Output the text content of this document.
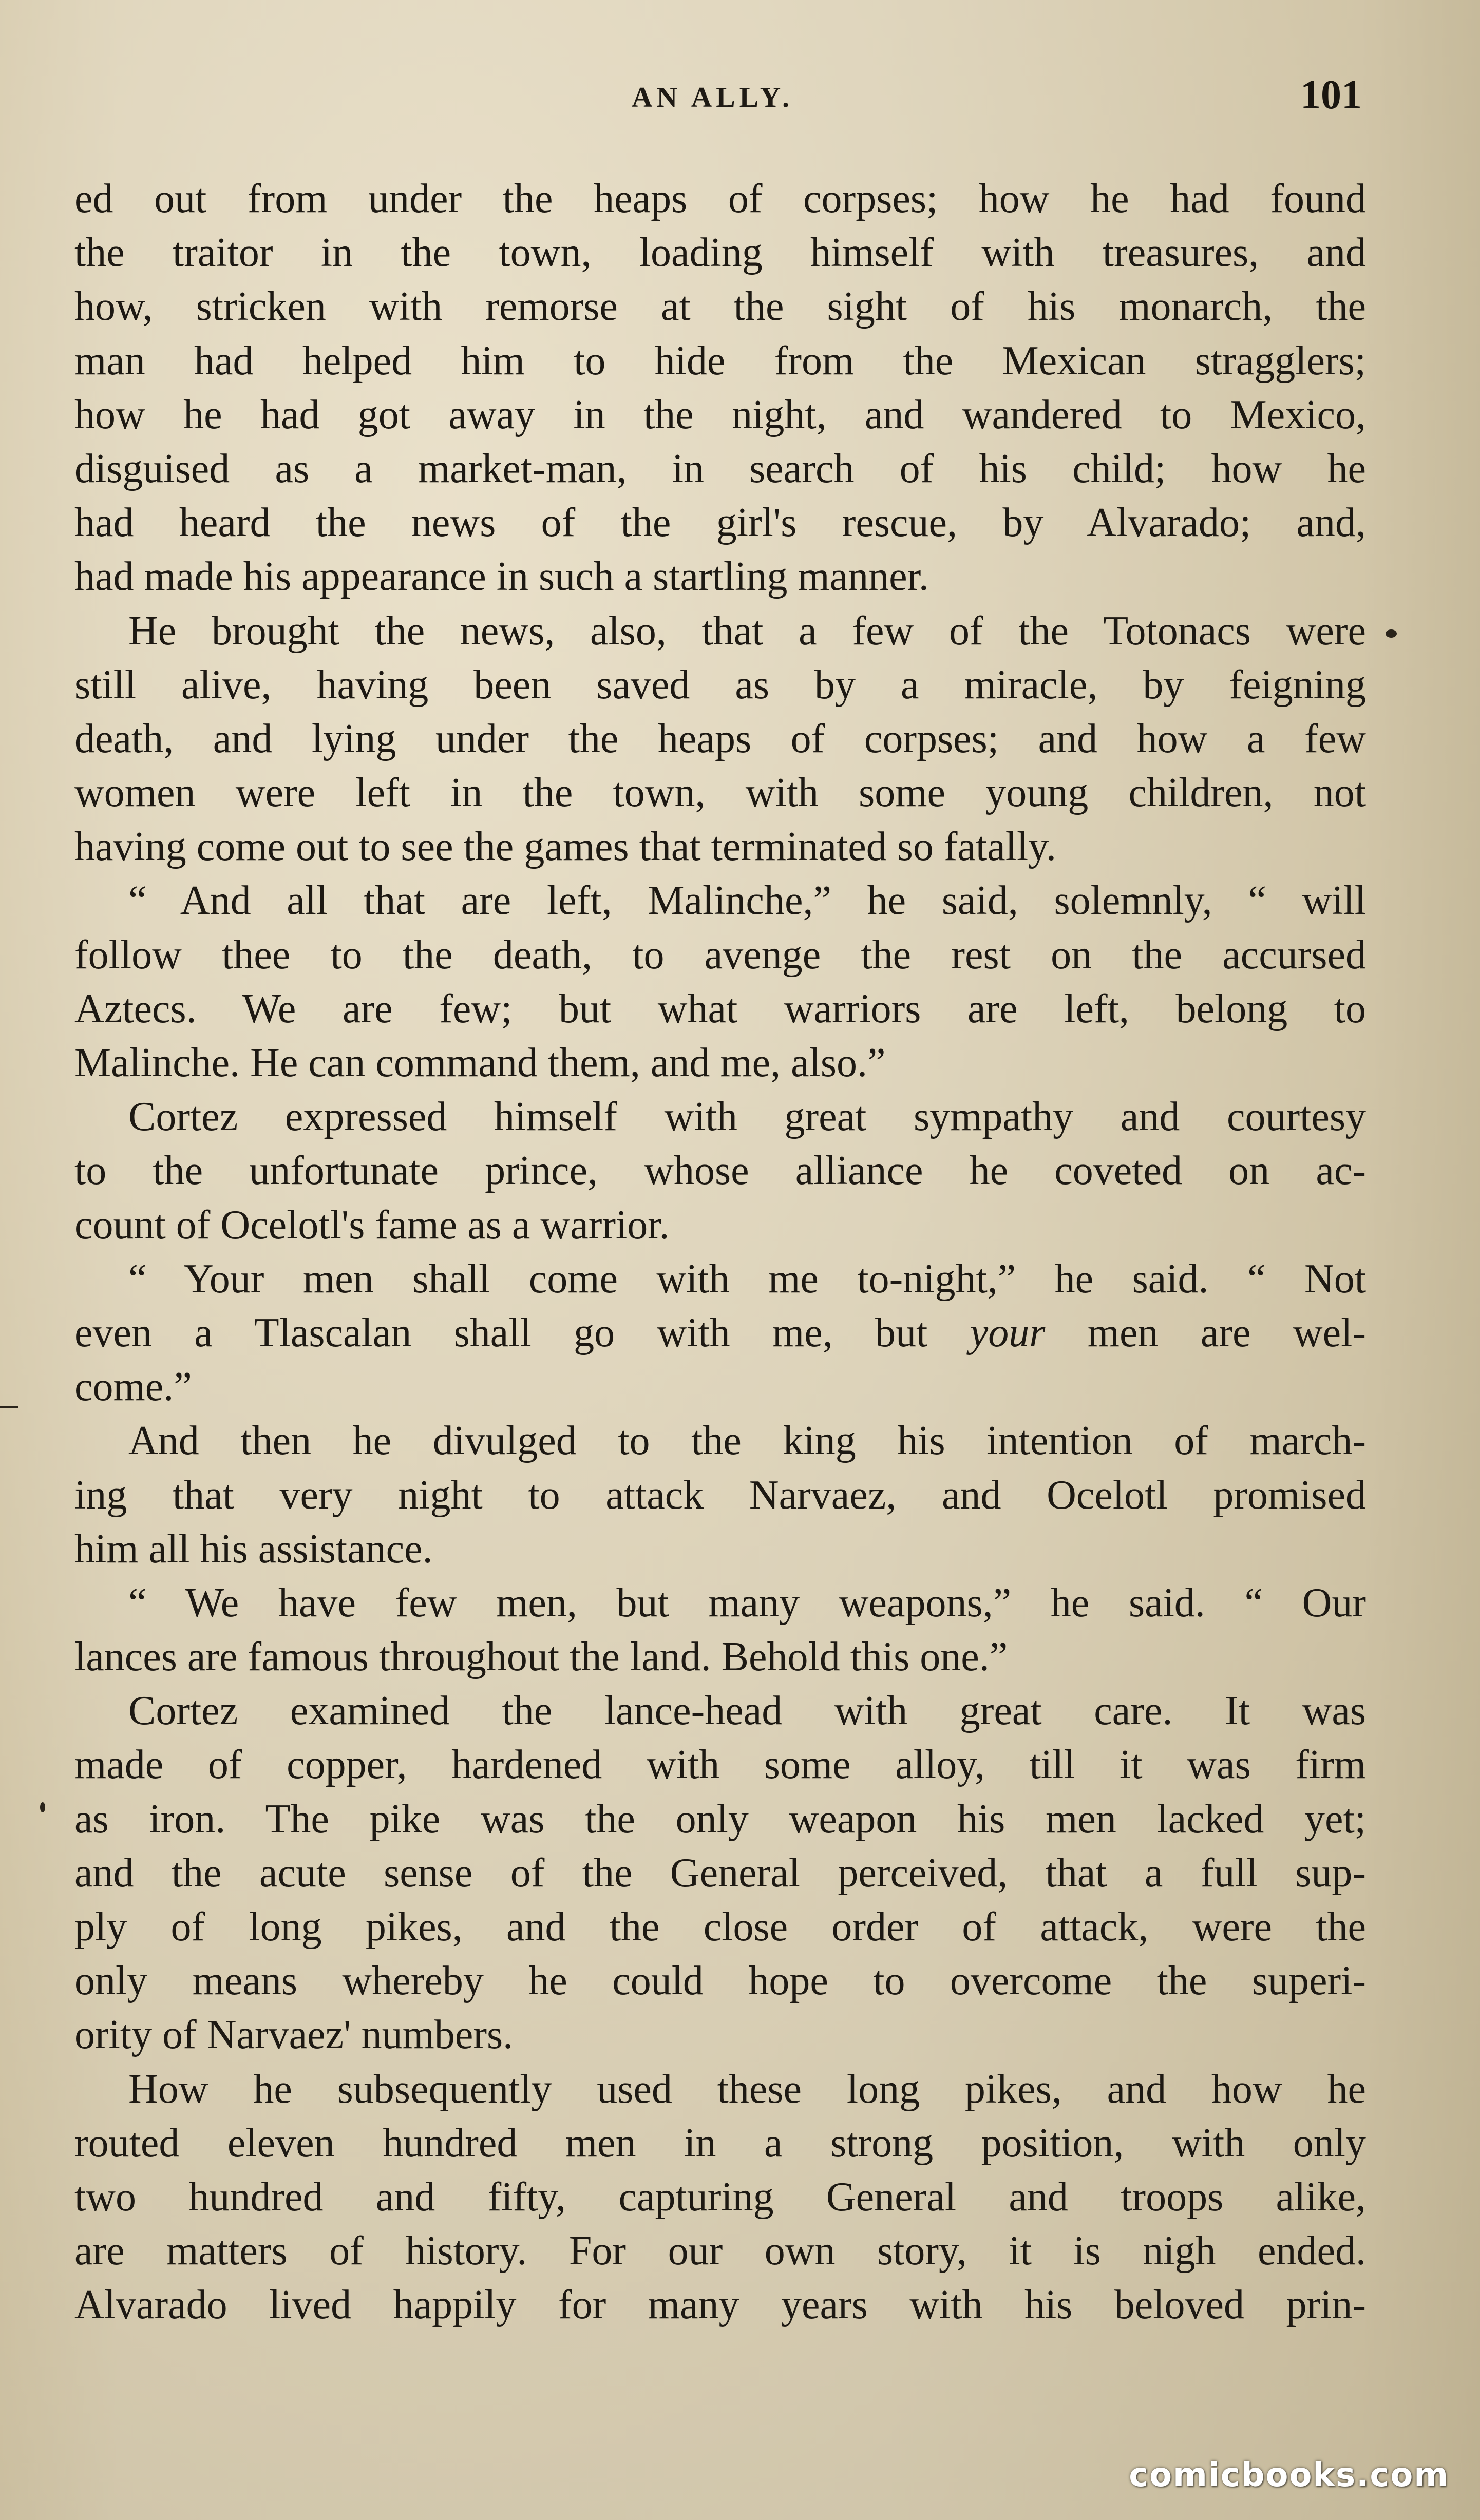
AN ALLY.	101
ed out from under the heaps of corpses; how he had found
the traitor in the town, loading himself with treasures, and
how, stricken with remorse at the sight of his monarch, the
man had helped him to hide from the Mexican stragglers;
how he had got away in the night, and wandered to Mexico,
disguised as a market-man, in search of his child; how he
had heard the news of the girl's rescue, by Alvarado; and,
had made his appearance in such a startling manner.
He brought the news, also, that a few of the Totonacs were
still alive, having been saved as by a miracle, by feigning
death, and lying under the heaps of corpses; and how a few
women were left in the town, with some young children, not
having come out to see the games that terminated so fatally.
“ And all that are left, Malinche,” he said, solemnly, “ will
follow thee to the death, to avenge the rest on the accursed
Aztecs. We are few; but what warriors are left, belong to
Malinche. He can command them, and me, also.”
Cortez expressed himself with great sympathy and courtesy
to the unfortunate prince, whose alliance he coveted on ac-
count of Ocelotl's fame as a warrior.
“ Your men shall come with me to-night,” he said. “ Not
even a Tlascalan shall go with me, but your men are wel-
come.”
And then he divulged to the king his intention of march-
ing that very night to attack Narvaez, and Ocelotl promised
him all his assistance.
“ We have few men, but many weapons,” he said. “ Our
lances are famous throughout the land. Behold this one.”
Cortez examined the lance-head with great care. It was
made of copper, hardened with some alloy, till it was firm
as iron. The pike was the only weapon his men lacked yet;
and the acute sense of the General perceived, that a full sup-
ply of long pikes, and the close order of attack, were the
only means whereby he could hope to overcome the superi-
ority of Narvaez' numbers.
How he subsequently used these long pikes, and how he
routed eleven hundred men in a strong position, with only
two hundred and fifty, capturing General and troops alike,
are matters of history. For our own story, it is nigh ended.
Alvarado lived happily for many years with his beloved prin-
comicbooks.com
